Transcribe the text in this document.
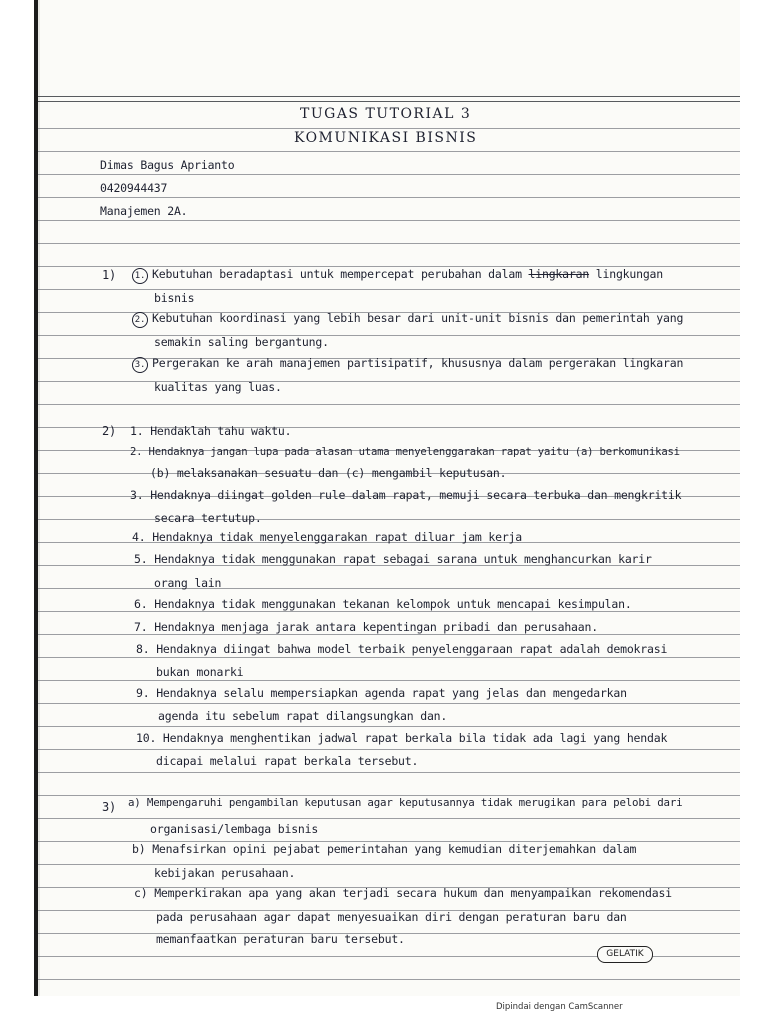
TUGAS TUTORIAL 3
KOMUNIKASI BISNIS
Dimas Bagus Aprianto
0420944437
Manajemen 2A.
1)	1. Kebutuhan beradaptasi untuk mempercepat perubahan dalam lingkaran lingkungan
bisnis
2. Kebutuhan koordinasi yang lebih besar dari unit-unit bisnis dan pemerintah yang
semakin saling bergantung.
3. Pergerakan ke arah manajemen partisipatif, khususnya dalam pergerakan lingkaran
kualitas yang luas.
2) 1. Hendaklah tahu waktu.
2. Hendaknya jangan lupa pada alasan utama menyelenggarakan rapat yaitu (a) berkomunikasi
(b) melaksanakan sesuatu dan (c) mengambil keputusan.
3. Hendaknya diingat golden rule dalam rapat, memuji secara terbuka dan mengkritik
secara tertutup.
4. Hendaknya tidak menyelenggarakan rapat diluar jam kerja
5. Hendaknya tidak menggunakan rapat sebagai sarana untuk menghancurkan karir
orang lain
6. Hendaknya tidak menggunakan tekanan kelompok untuk mencapai kesimpulan.
7. Hendaknya menjaga jarak antara kepentingan pribadi dan perusahaan.
8. Hendaknya diingat bahwa model terbaik penyelenggaraan rapat adalah demokrasi
bukan monarki
9. Hendaknya selalu mempersiapkan agenda rapat yang jelas dan mengedarkan
agenda itu sebelum rapat dilangsungkan dan.
10. Hendaknya menghentikan jadwal rapat berkala bila tidak ada lagi yang hendak
dicapai melalui rapat berkala tersebut.
3) a) Mempengaruhi pengambilan keputusan agar keputusannya tidak merugikan para pelobi dari
organisasi/lembaga bisnis
b) Menafsirkan opini pejabat pemerintahan yang kemudian diterjemahkan dalam
kebijakan perusahaan.
c) Memperkirakan apa yang akan terjadi secara hukum dan menyampaikan rekomendasi
pada perusahaan agar dapat menyesuaikan diri dengan peraturan baru dan
memanfaatkan peraturan baru tersebut.
GELATIK
Dipindai dengan CamScanner
